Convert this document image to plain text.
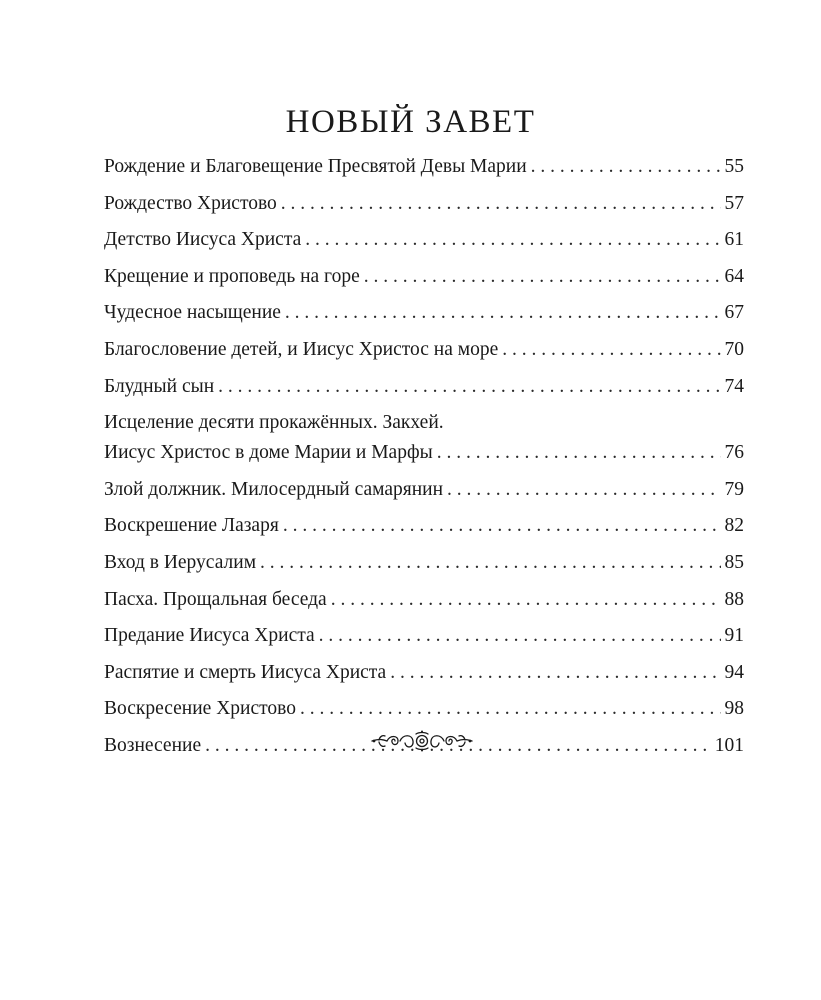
НОВЫЙ ЗАВЕТ
Рождение и Благовещение Пресвятой Девы Марии . . .	55
Рождество Христово . . .	57
Детство Иисуса Христа . . .	61
Крещение и проповедь на горе . . .	64
Чудесное насыщение . . .	67
Благословение детей, и Иисус Христос на море . . .	70
Блудный сын . . .	74
Исцеление десяти прокажённых. Закхей.
Иисус Христос в доме Марии и Марфы . . .	76
Злой должник. Милосердный самарянин . . .	79
Воскрешение Лазаря . . .	82
Вход в Иерусалим . . .	85
Пасха. Прощальная беседа . . .	88
Предание Иисуса Христа . . .	91
Распятие и смерть Иисуса Христа . . .	94
Воскресение Христово . . .	98
Вознесение . . .	101
